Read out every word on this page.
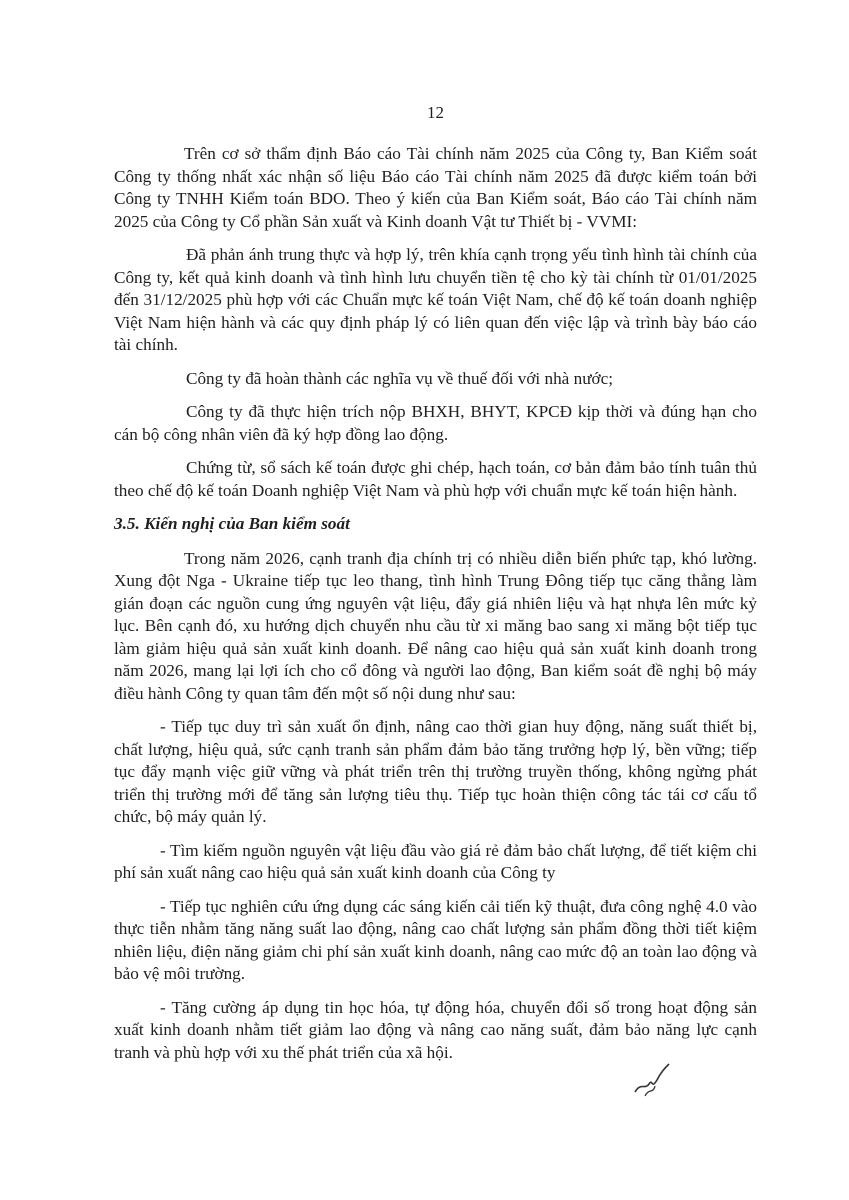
12

Trên cơ sở thẩm định Báo cáo Tài chính năm 2025 của Công ty, Ban Kiểm soát Công ty thống nhất xác nhận số liệu Báo cáo Tài chính năm 2025 đã được kiểm toán bởi Công ty TNHH Kiểm toán BDO. Theo ý kiến của Ban Kiểm soát, Báo cáo Tài chính năm 2025 của Công ty Cổ phần Sản xuất và Kinh doanh Vật tư Thiết bị - VVMI:

Đã phản ánh trung thực và hợp lý, trên khía cạnh trọng yếu tình hình tài chính của Công ty, kết quả kinh doanh và tình hình lưu chuyển tiền tệ cho kỳ tài chính từ 01/01/2025 đến 31/12/2025 phù hợp với các Chuẩn mực kế toán Việt Nam, chế độ kế toán doanh nghiệp Việt Nam hiện hành và các quy định pháp lý có liên quan đến việc lập và trình bày báo cáo tài chính.

Công ty đã hoàn thành các nghĩa vụ về thuế đối với nhà nước;

Công ty đã thực hiện trích nộp BHXH, BHYT, KPCĐ kịp thời và đúng hạn cho cán bộ công nhân viên đã ký hợp đồng lao động.

Chứng từ, sổ sách kế toán được ghi chép, hạch toán, cơ bản đảm bảo tính tuân thủ theo chế độ kế toán Doanh nghiệp Việt Nam và phù hợp với chuẩn mực kế toán hiện hành.

3.5. Kiến nghị của Ban kiểm soát

Trong năm 2026, cạnh tranh địa chính trị có nhiều diễn biến phức tạp, khó lường. Xung đột Nga - Ukraine tiếp tục leo thang, tình hình Trung Đông tiếp tục căng thẳng làm gián đoạn các nguồn cung ứng nguyên vật liệu, đẩy giá nhiên liệu và hạt nhựa lên mức kỷ lục. Bên cạnh đó, xu hướng dịch chuyển nhu cầu từ xi măng bao sang xi măng bột tiếp tục làm giảm hiệu quả sản xuất kinh doanh. Để nâng cao hiệu quả sản xuất kinh doanh trong năm 2026, mang lại lợi ích cho cổ đông và người lao động, Ban kiểm soát đề nghị bộ máy điều hành Công ty quan tâm đến một số nội dung như sau:

- Tiếp tục duy trì sản xuất ổn định, nâng cao thời gian huy động, năng suất thiết bị, chất lượng, hiệu quả, sức cạnh tranh sản phẩm đảm bảo tăng trưởng hợp lý, bền vững; tiếp tục đẩy mạnh việc giữ vững và phát triển trên thị trường truyền thống, không ngừng phát triển thị trường mới để tăng sản lượng tiêu thụ. Tiếp tục hoàn thiện công tác tái cơ cấu tổ chức, bộ máy quản lý.

- Tìm kiếm nguồn nguyên vật liệu đầu vào giá rẻ đảm bảo chất lượng, để tiết kiệm chi phí sản xuất nâng cao hiệu quả sản xuất kinh doanh của Công ty

- Tiếp tục nghiên cứu ứng dụng các sáng kiến cải tiến kỹ thuật, đưa công nghệ 4.0 vào thực tiễn nhằm tăng năng suất lao động, nâng cao chất lượng sản phẩm đồng thời tiết kiệm nhiên liệu, điện năng giảm chi phí sản xuất kinh doanh, nâng cao mức độ an toàn lao động và bảo vệ môi trường.

- Tăng cường áp dụng tin học hóa, tự động hóa, chuyển đổi số trong hoạt động sản xuất kinh doanh nhằm tiết giảm lao động và nâng cao năng suất, đảm bảo năng lực cạnh tranh và phù hợp với xu thế phát triển của xã hội.
